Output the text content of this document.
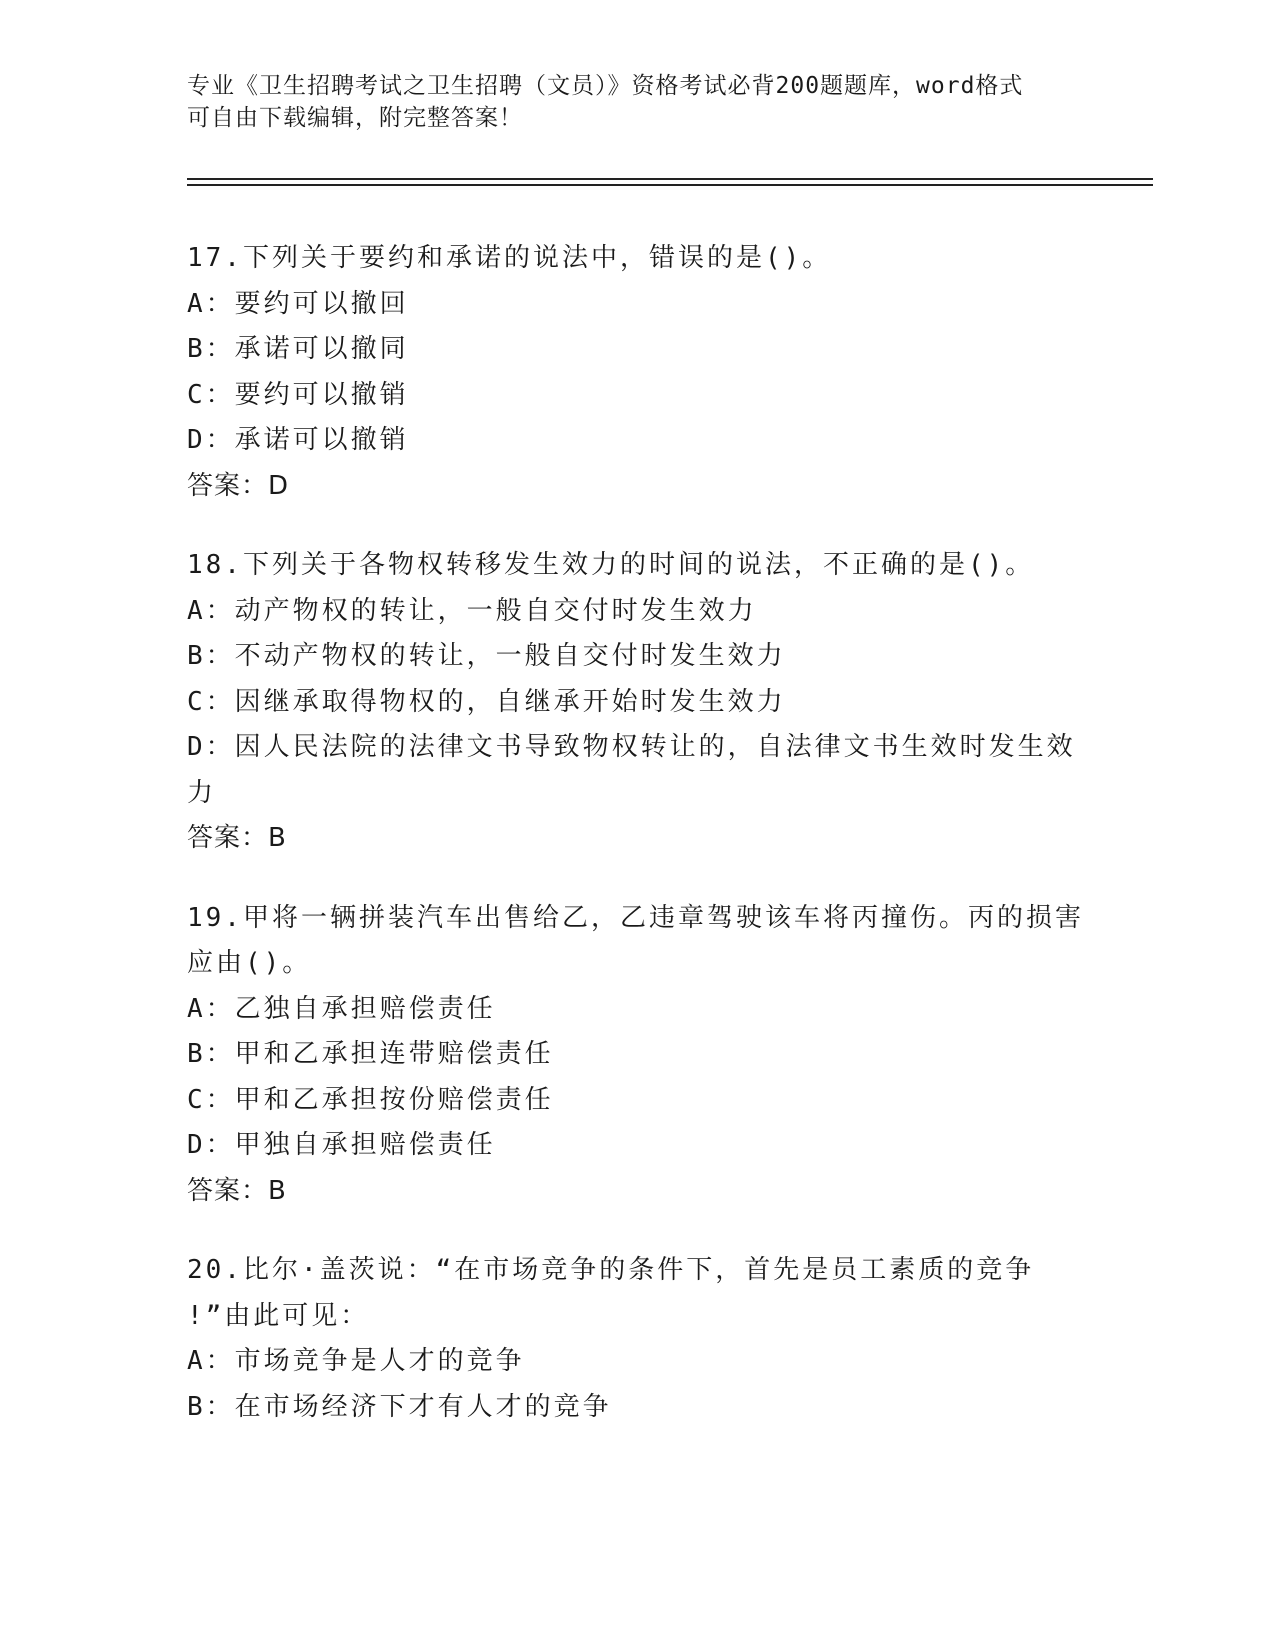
专业《卫生招聘考试之卫生招聘（文员）》资格考试必背200题题库，word格式
可自由下载编辑，附完整答案！
17.下列关于要约和承诺的说法中，错误的是()。
A：要约可以撤回
B：承诺可以撤同
C：要约可以撤销
D：承诺可以撤销
答案：D
18.下列关于各物权转移发生效力的时间的说法，不正确的是()。
A：动产物权的转让，一般自交付时发生效力
B：不动产物权的转让，一般自交付时发生效力
C：因继承取得物权的，自继承开始时发生效力
D：因人民法院的法律文书导致物权转让的，自法律文书生效时发生效
力
答案：B
19.甲将一辆拼装汽车出售给乙，乙违章驾驶该车将丙撞伤。丙的损害
应由()。
A：乙独自承担赔偿责任
B：甲和乙承担连带赔偿责任
C：甲和乙承担按份赔偿责任
D：甲独自承担赔偿责任
答案：B
20.比尔·盖茨说：“在市场竞争的条件下，首先是员工素质的竞争
!”由此可见：
A：市场竞争是人才的竞争
B：在市场经济下才有人才的竞争
